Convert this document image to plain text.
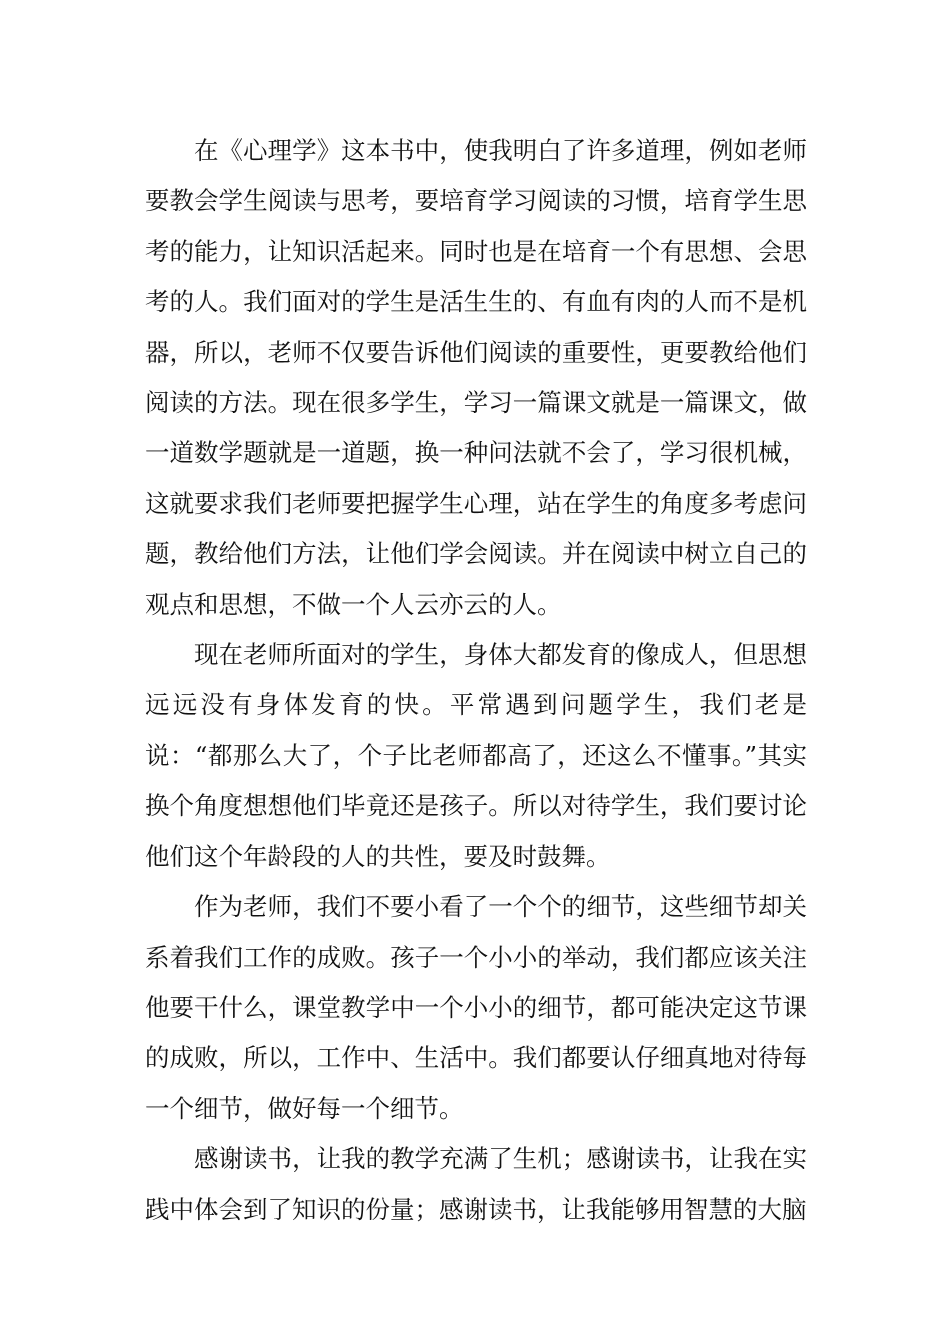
在《心理学》这本书中，使我明白了许多道理，例如老师要教会学生阅读与思考，要培育学习阅读的习惯，培育学生思考的能力，让知识活起来。同时也是在培育一个有思想、会思考的人。我们面对的学生是活生生的、有血有肉的人而不是机器，所以，老师不仅要告诉他们阅读的重要性，更要教给他们阅读的方法。现在很多学生，学习一篇课文就是一篇课文，做一道数学题就是一道题，换一种问法就不会了，学习很机械，这就要求我们老师要把握学生心理，站在学生的角度多考虑问题，教给他们方法，让他们学会阅读。并在阅读中树立自己的观点和思想，不做一个人云亦云的人。

现在老师所面对的学生，身体大都发育的像成人，但思想远远没有身体发育的快。平常遇到问题学生，我们老是说：“都那么大了，个子比老师都高了，还这么不懂事。”其实换个角度想想他们毕竟还是孩子。所以对待学生，我们要讨论他们这个年龄段的人的共性，要及时鼓舞。

作为老师，我们不要小看了一个个的细节，这些细节却关系着我们工作的成败。孩子一个小小的举动，我们都应该关注他要干什么，课堂教学中一个小小的细节，都可能决定这节课的成败，所以，工作中、生活中。我们都要认仔细真地对待每一个细节，做好每一个细节。

感谢读书，让我的教学充满了生机；感谢读书，让我在实践中体会到了知识的份量；感谢读书，让我能够用智慧的大脑
